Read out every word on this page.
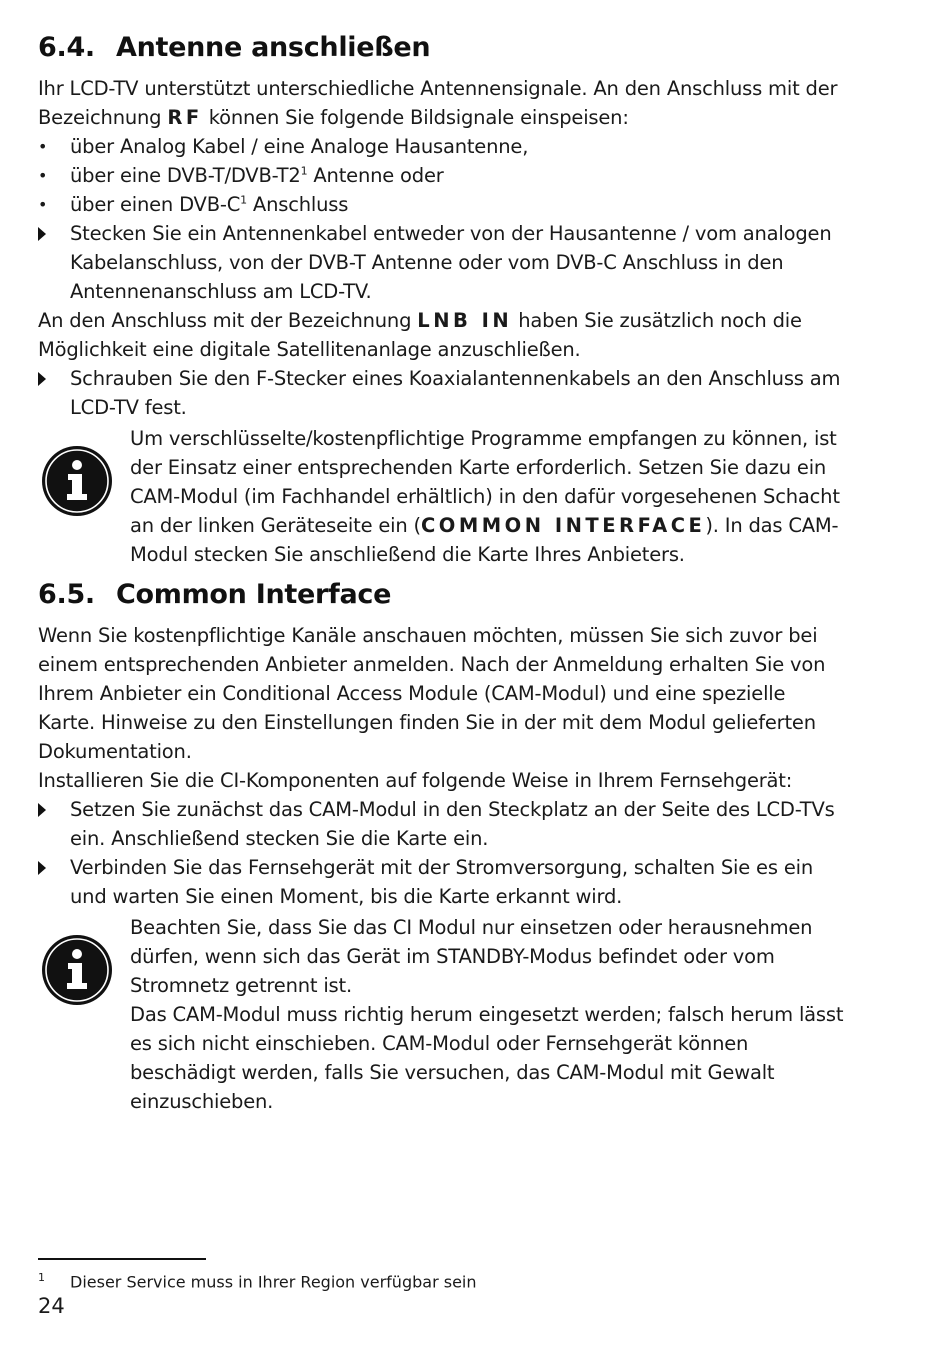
6.4. Antenne anschließen

Ihr LCD-TV unterstützt unterschiedliche Antennensignale. An den Anschluss mit der Bezeichnung RF können Sie folgende Bildsignale einspeisen:

• über Analog Kabel / eine Analoge Hausantenne,
• über eine DVB-$T/DVB-T2^1$ Antenne oder
• über einen DVB-$C^1$ Anschluss
Stecken Sie ein Antennenkabel entweder von der Hausantenne / vom analogen Kabelanschluss, von der DVB-T Antenne oder vom DVB-C Anschluss in den Antennenanschluss am LCD-TV.

An den Anschluss mit der Bezeichnung LNB IN haben Sie zusätzlich noch die Möglichkeit eine digitale Satellitenanlage anzuschließen.

Schrauben Sie den F-Stecker eines Koaxialantennenkabels an den Anschluss am LCD-TV fest.

Um verschlüsselte/kostenpflichtige Programme empfangen zu können, ist der Einsatz einer entsprechenden Karte erforderlich. Setzen Sie dazu ein CAM-Modul (im Fachhandel erhältlich) in den dafür vorgesehenen Schacht an der linken Geräteseite ein (COMMON INTERFACE). In das CAM-Modul stecken Sie anschließend die Karte Ihres Anbieters.

6.5. Common Interface

Wenn Sie kostenpflichtige Kanäle anschauen möchten, müssen Sie sich zuvor bei einem entsprechenden Anbieter anmelden. Nach der Anmeldung erhalten Sie von Ihrem Anbieter ein Conditional Access Module (CAM-Modul) und eine spezielle Karte. Hinweise zu den Einstellungen finden Sie in der mit dem Modul gelieferten Dokumentation.

Installieren Sie die CI-Komponenten auf folgende Weise in Ihrem Fernsehgerät:

Setzen Sie zunächst das CAM-Modul in den Steckplatz an der Seite des LCD-TVs ein. Anschließend stecken Sie die Karte ein.
Verbinden Sie das Fernsehgerät mit der Stromversorgung, schalten Sie es ein und warten Sie einen Moment, bis die Karte erkannt wird.

Beachten Sie, dass Sie das CI Modul nur einsetzen oder herausnehmen dürfen, wenn sich das Gerät im STANDBY-Modus befindet oder vom Stromnetz getrennt ist.

Das CAM-Modul muss richtig herum eingesetzt werden; falsch herum lässt es sich nicht einschieben. CAM-Modul oder Fernsehgerät können beschädigt werden, falls Sie versuchen, das CAM-Modul mit Gewalt einzuschieben.

1 Dieser Service muss in Ihrer Region verfügbar sein
24
